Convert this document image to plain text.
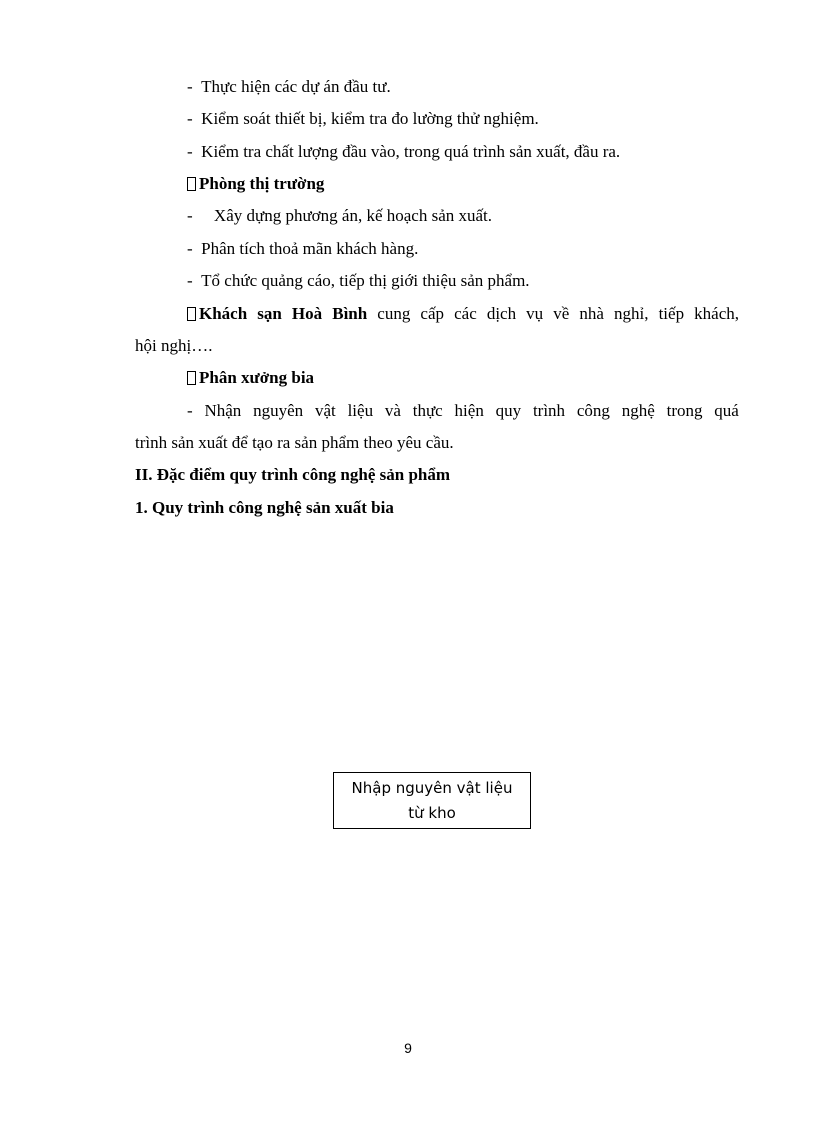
- Thực hiện các dự án đầu tư.
- Kiểm soát thiết bị, kiểm tra đo lường thử nghiệm.
- Kiểm tra chất lượng đầu vào, trong quá trình sản xuất, đầu ra.
Phòng thị trường
- Xây dựng phương án, kế hoạch sản xuất.
- Phân tích thoả mãn khách hàng.
- Tổ chức quảng cáo, tiếp thị giới thiệu sản phẩm.
Khách sạn Hoà Bình cung cấp các dịch vụ về nhà nghỉ, tiếp khách,
hội nghị….
Phân xưởng bia
- Nhận nguyên vật liệu và thực hiện quy trình công nghệ trong quá
trình sản xuất để tạo ra sản phẩm theo yêu cầu.
II. Đặc điểm quy trình công nghệ sản phẩm
1. Quy trình công nghệ sản xuất bia
Nhập nguyên vật liệu
từ kho
9
